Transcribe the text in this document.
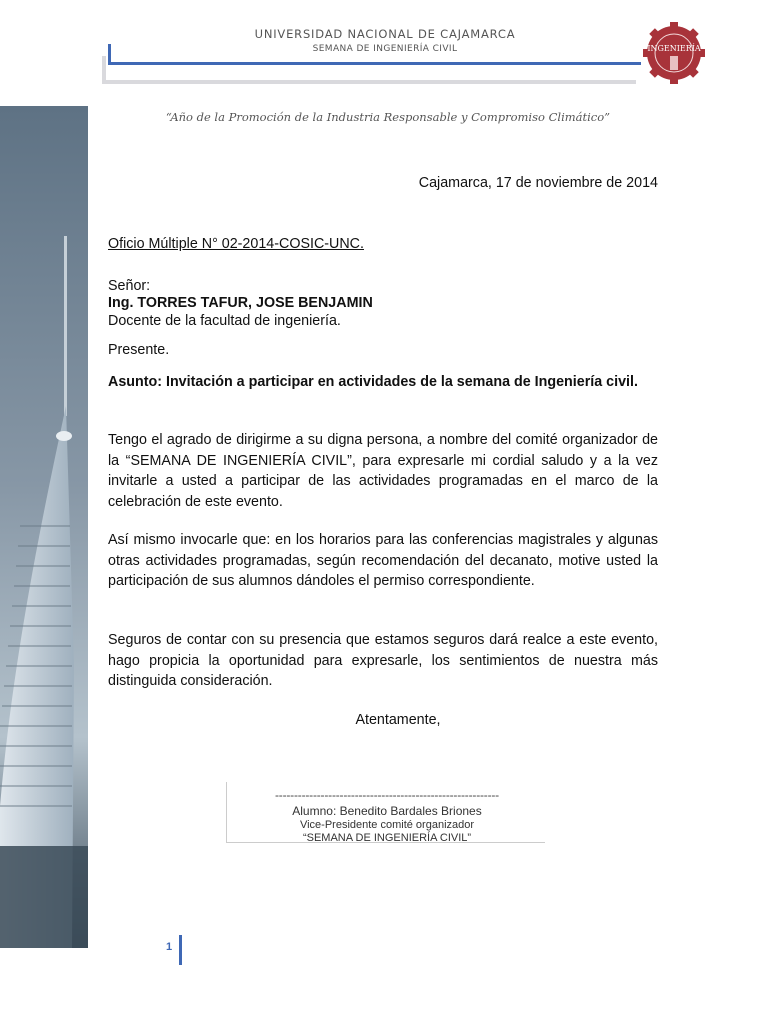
UNIVERSIDAD NACIONAL DE CAJAMARCA
SEMANA DE INGENIERÍA CIVIL	INGENIERÍA
“Año de la Promoción de la Industria Responsable y Compromiso Climático”
Cajamarca, 17 de noviembre de 2014
Oficio Múltiple N° 02-2014-COSIC-UNC.
Señor:
Ing. TORRES TAFUR, JOSE BENJAMIN
Docente de la facultad de ingeniería.
Presente.
Asunto: Invitación a participar en actividades de la semana de Ingeniería civil.
Tengo el agrado de dirigirme a su digna persona, a nombre del comité organizador de la “SEMANA DE INGENIERÍA CIVIL”, para expresarle mi cordial saludo y a la vez invitarle a usted a participar de las actividades programadas en el marco de la celebración de este evento.
Así mismo invocarle que: en los horarios para las conferencias magistrales y algunas otras actividades programadas, según recomendación del decanato, motive usted la participación de sus alumnos dándoles el permiso correspondiente.
Seguros de contar con su presencia que estamos seguros dará realce a este evento, hago propicia la oportunidad para expresarle, los sentimientos de nuestra más distinguida consideración.
Atentamente,
-----------------------------------------------------------
Alumno: Benedito Bardales Briones
Vice-Presidente comité organizador
“SEMANA DE INGENIERÍA CIVIL”
1
